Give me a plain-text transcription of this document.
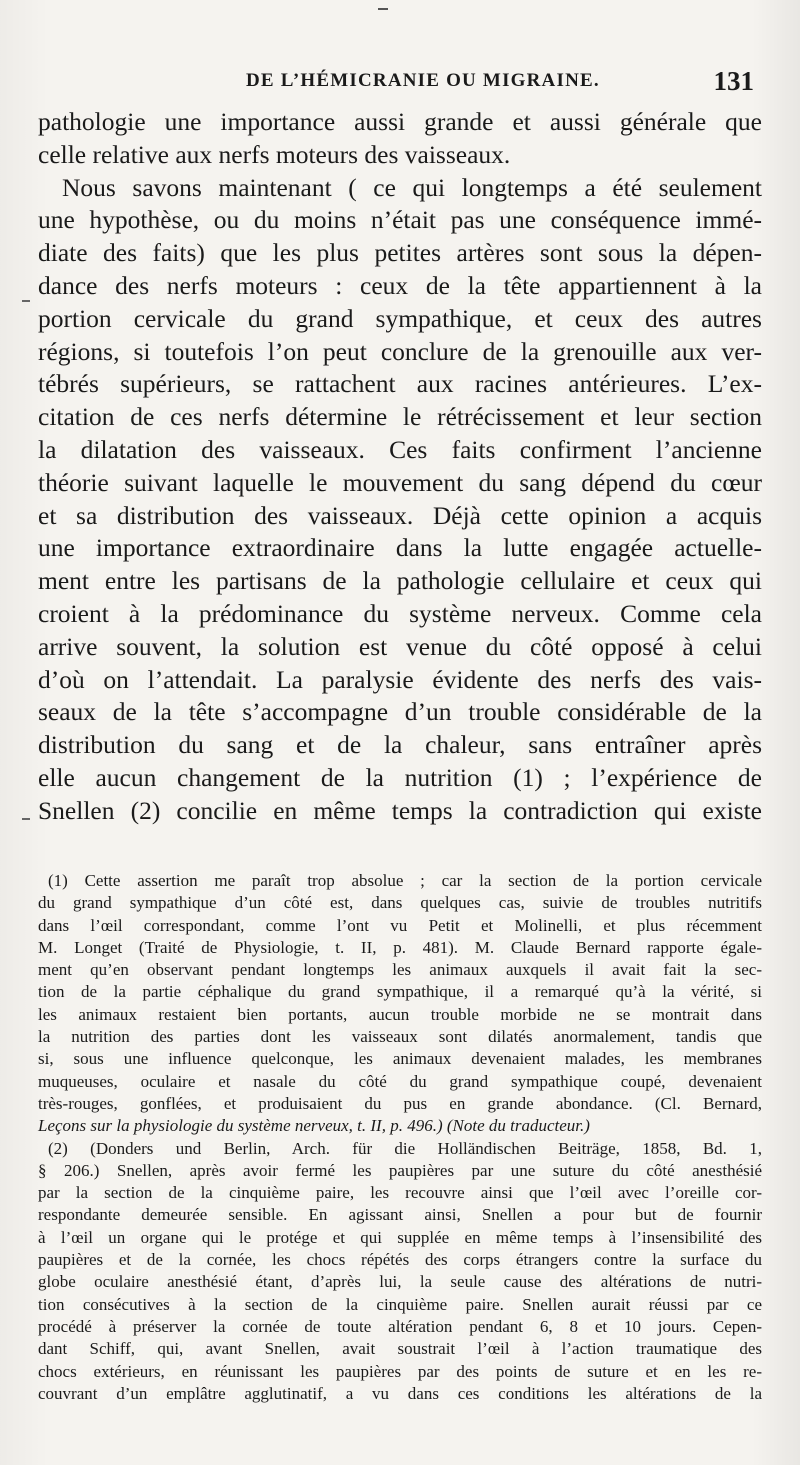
DE L’HÉMICRANIE OU MIGRAINE.	131
pathologie une importance aussi grande et aussi générale que
celle relative aux nerfs moteurs des vaisseaux.
Nous savons maintenant ( ce qui longtemps a été seulement
une hypothèse, ou du moins n’était pas une conséquence immé-
diate des faits) que les plus petites artères sont sous la dépen-
dance des nerfs moteurs : ceux de la tête appartiennent à la
portion cervicale du grand sympathique, et ceux des autres
régions, si toutefois l’on peut conclure de la grenouille aux ver-
tébrés supérieurs, se rattachent aux racines antérieures. L’ex-
citation de ces nerfs détermine le rétrécissement et leur section
la dilatation des vaisseaux. Ces faits confirment l’ancienne
théorie suivant laquelle le mouvement du sang dépend du cœur
et sa distribution des vaisseaux. Déjà cette opinion a acquis
une importance extraordinaire dans la lutte engagée actuelle-
ment entre les partisans de la pathologie cellulaire et ceux qui
croient à la prédominance du système nerveux. Comme cela
arrive souvent, la solution est venue du côté opposé à celui
d’où on l’attendait. La paralysie évidente des nerfs des vais-
seaux de la tête s’accompagne d’un trouble considérable de la
distribution du sang et de la chaleur, sans entraîner après
elle aucun changement de la nutrition (1) ; l’expérience de
Snellen (2) concilie en même temps la contradiction qui existe
(1) Cette assertion me paraît trop absolue ; car la section de la portion cervicale
du grand sympathique d’un côté est, dans quelques cas, suivie de troubles nutritifs
dans l’œil correspondant, comme l’ont vu Petit et Molinelli, et plus récemment
M. Longet (Traité de Physiologie, t. II, p. 481). M. Claude Bernard rapporte égale-
ment qu’en observant pendant longtemps les animaux auxquels il avait fait la sec-
tion de la partie céphalique du grand sympathique, il a remarqué qu’à la vérité, si
les animaux restaient bien portants, aucun trouble morbide ne se montrait dans
la nutrition des parties dont les vaisseaux sont dilatés anormalement, tandis que
si, sous une influence quelconque, les animaux devenaient malades, les membranes
muqueuses, oculaire et nasale du côté du grand sympathique coupé, devenaient
très-rouges, gonflées, et produisaient du pus en grande abondance. (Cl. Bernard,
Leçons sur la physiologie du système nerveux, t. II, p. 496.) (Note du traducteur.)
(2) (Donders und Berlin, Arch. für die Holländischen Beiträge, 1858, Bd. 1,
§ 206.) Snellen, après avoir fermé les paupières par une suture du côté anesthésié
par la section de la cinquième paire, les recouvre ainsi que l’œil avec l’oreille cor-
respondante demeurée sensible. En agissant ainsi, Snellen a pour but de fournir
à l’œil un organe qui le protége et qui supplée en même temps à l’insensibilité des
paupières et de la cornée, les chocs répétés des corps étrangers contre la surface du
globe oculaire anesthésié étant, d’après lui, la seule cause des altérations de nutri-
tion consécutives à la section de la cinquième paire. Snellen aurait réussi par ce
procédé à préserver la cornée de toute altération pendant 6, 8 et 10 jours. Cepen-
dant Schiff, qui, avant Snellen, avait soustrait l’œil à l’action traumatique des
chocs extérieurs, en réunissant les paupières par des points de suture et en les re-
couvrant d’un emplâtre agglutinatif, a vu dans ces conditions les altérations de la
